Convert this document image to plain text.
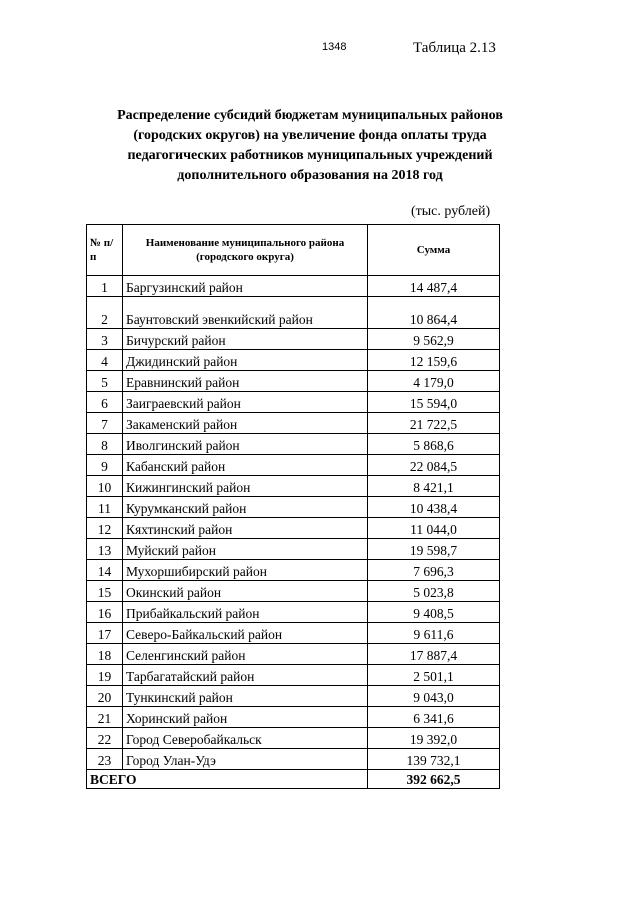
1348	Таблица 2.13
Распределение субсидий бюджетам муниципальных районов (городских округов) на увеличение фонда оплаты труда педагогических работников муниципальных учреждений дополнительного образования на 2018 год
(тыс. рублей)
№ п/п	Наименование муниципального района (городского округа)	Сумма
1	Баргузинский район	14 487,4
2	Баунтовский эвенкийский район	10 864,4
3	Бичурский район	9 562,9
4	Джидинский район	12 159,6
5	Еравнинский район	4 179,0
6	Заиграевский район	15 594,0
7	Закаменский район	21 722,5
8	Иволгинский район	5 868,6
9	Кабанский район	22 084,5
10	Кижингинский район	8 421,1
11	Курумканский район	10 438,4
12	Кяхтинский район	11 044,0
13	Муйский район	19 598,7
14	Мухоршибирский район	7 696,3
15	Окинский район	5 023,8
16	Прибайкальский район	9 408,5
17	Северо-Байкальский район	9 611,6
18	Селенгинский район	17 887,4
19	Тарбагатайский район	2 501,1
20	Тункинский район	9 043,0
21	Хоринский район	6 341,6
22	Город Северобайкальск	19 392,0
23	Город Улан-Удэ	139 732,1
ВСЕГО		392 662,5
